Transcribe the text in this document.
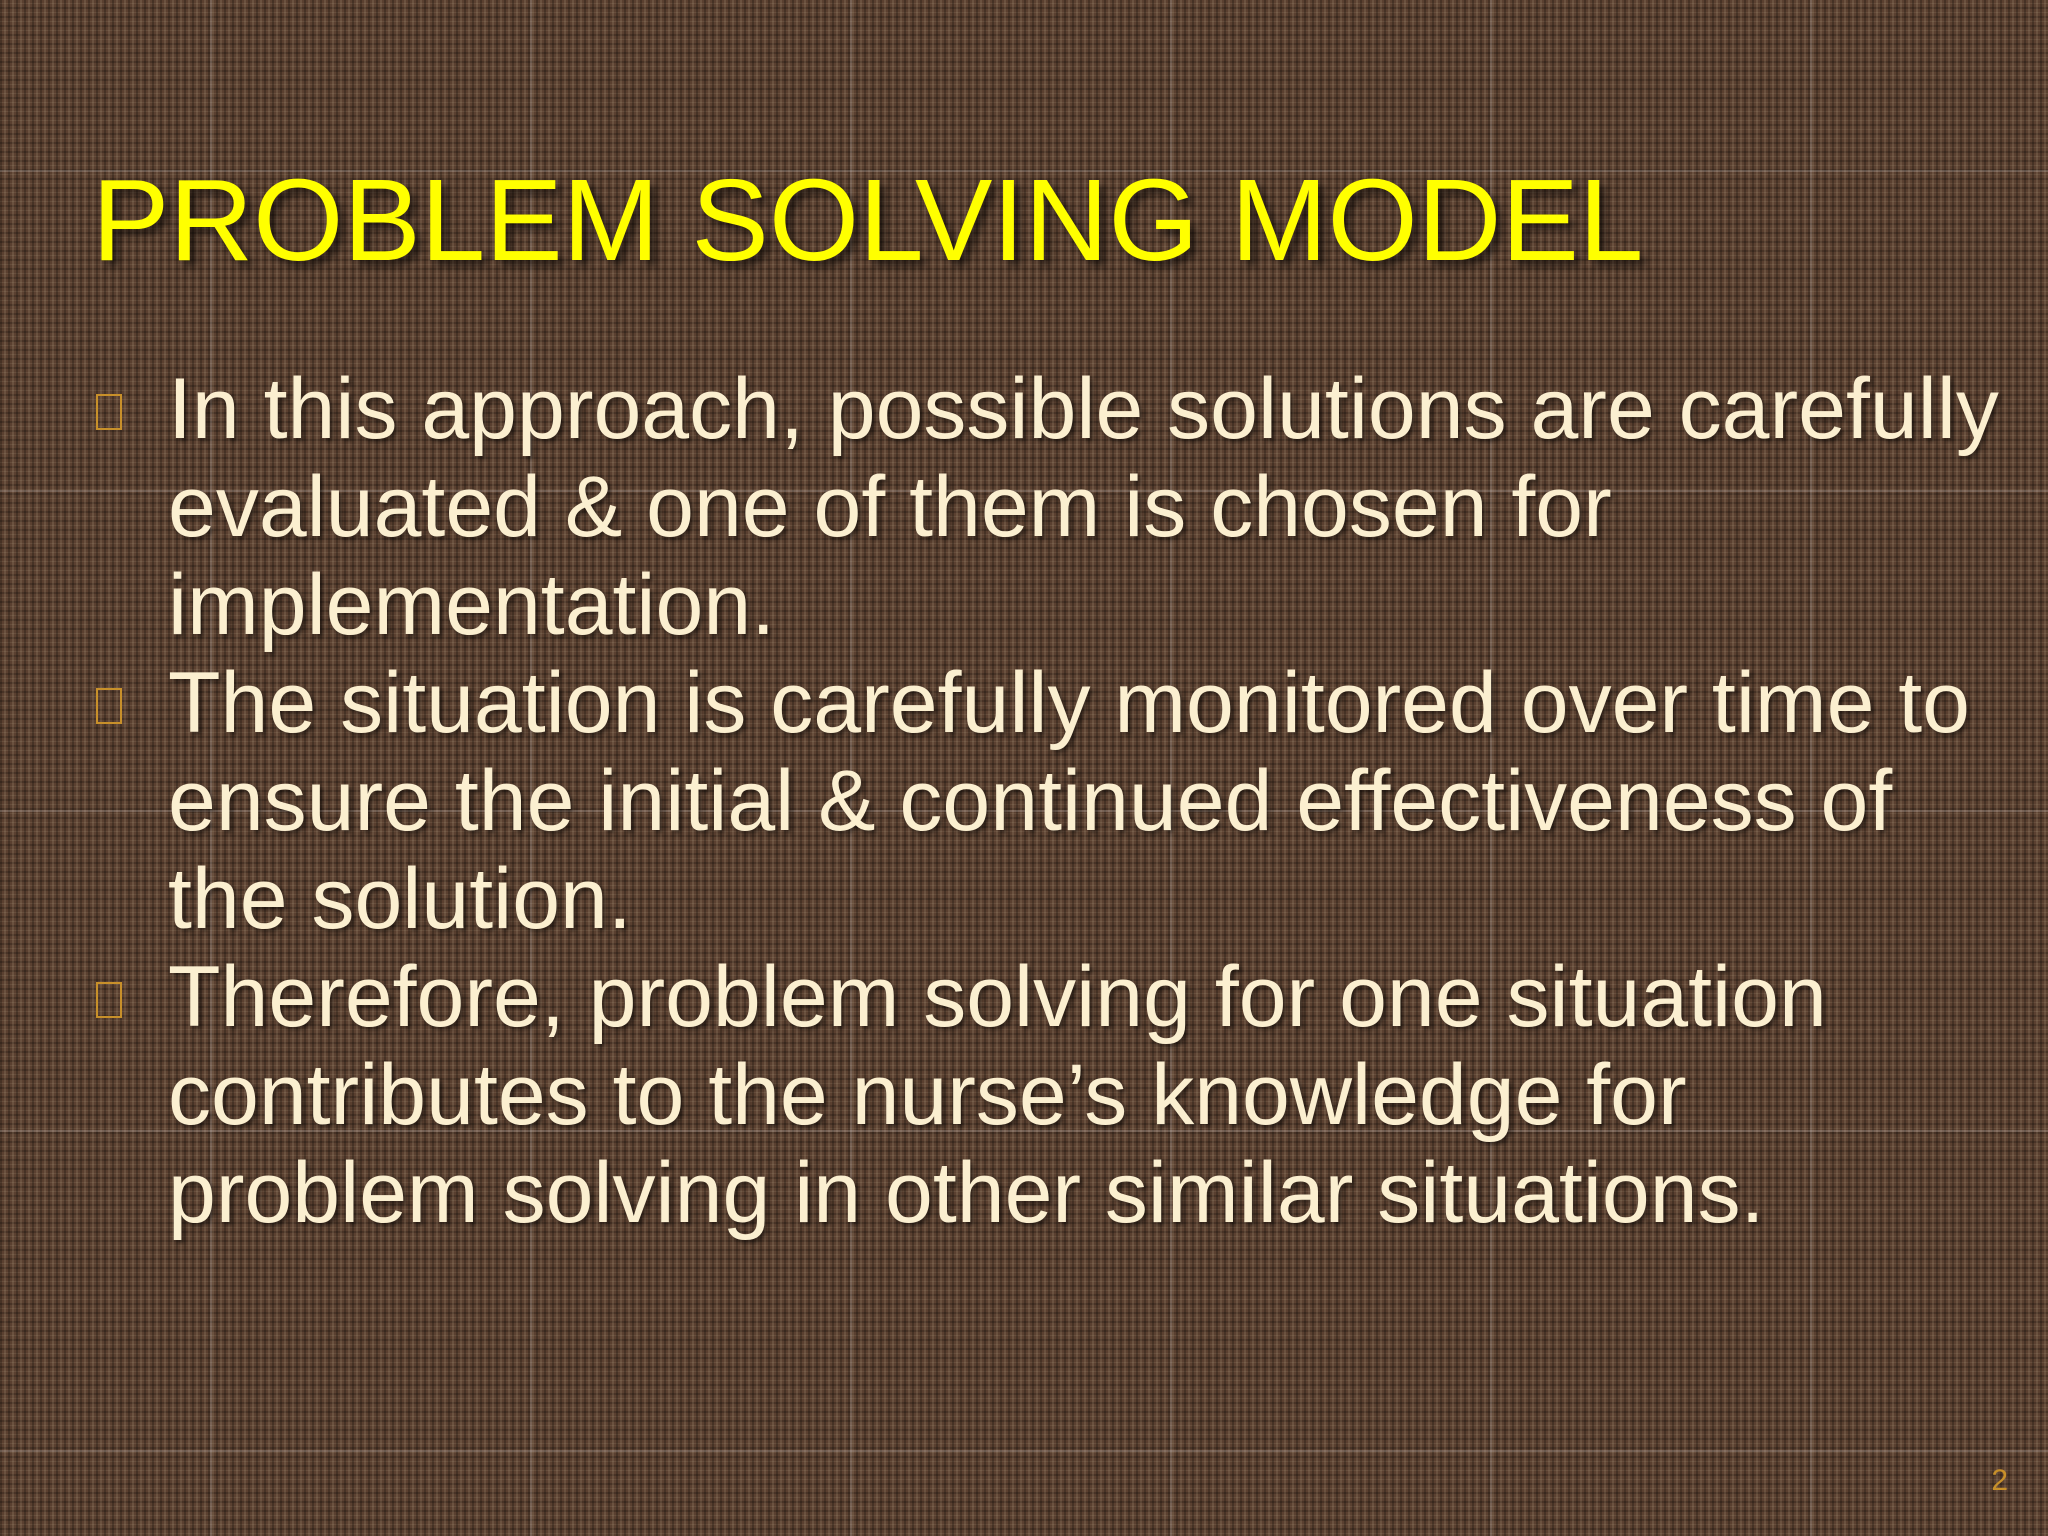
PROBLEM SOLVING MODEL
In this approach, possible solutions are carefully evaluated & one of them is chosen for implementation.
The situation is carefully monitored over time to ensure the initial & continued effectiveness of the solution.
Therefore, problem solving for one situation contributes to the nurse’s knowledge for problem solving in other similar situations.
2
